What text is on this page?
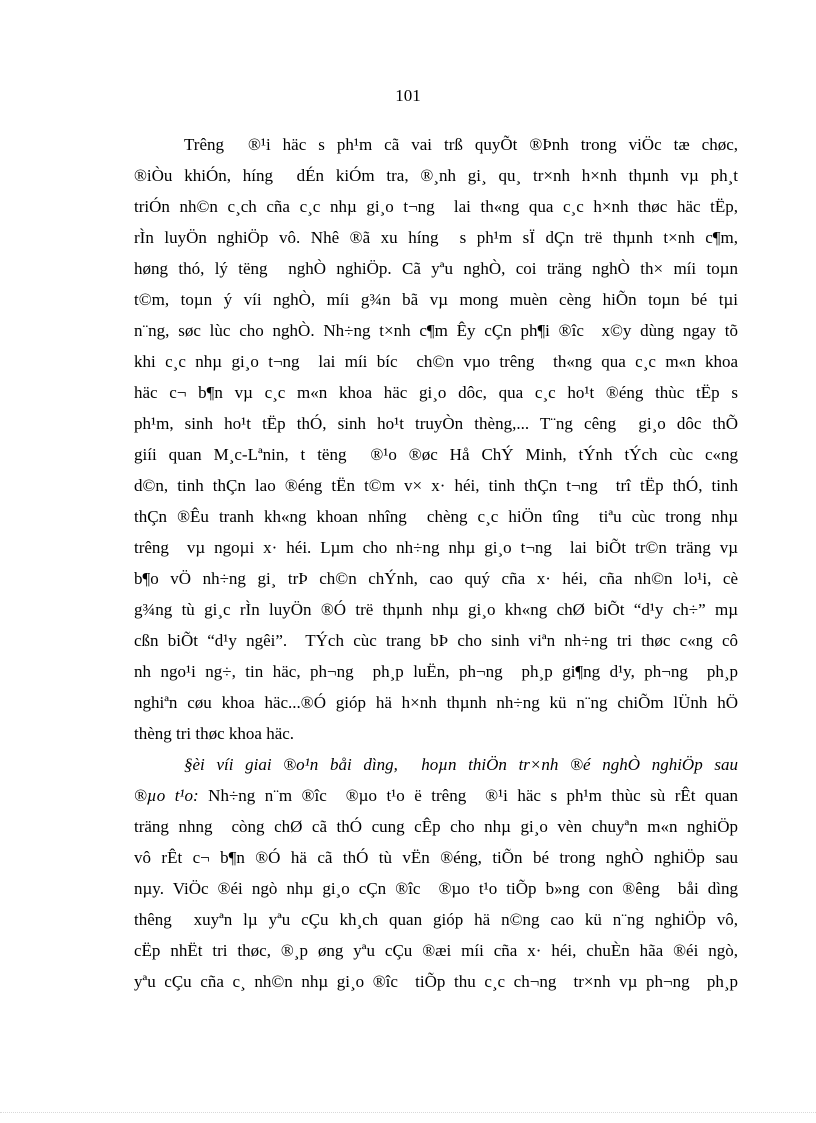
101
Trêng  ®¹i häc s ph¹m cã vai trß quyÕt ®Þnh trong viÖc tæ chøc,
®iÒu khiÓn, híng  dÉn kiÓm tra, ®¸nh gi¸ qu¸ tr×nh h×nh thµnh vµ ph¸t
triÓn nh©n c¸ch cña c¸c nhµ gi¸o t¬ng  lai th«ng qua c¸c h×nh thøc häc tËp,
rÌn luyÖn nghiÖp vô. Nhê ®ã xu híng  s ph¹m sÏ dÇn trë thµnh t×nh c¶m,
høng thó, lý tëng  nghÒ nghiÖp. Cã yªu nghÒ, coi träng nghÒ th× míi toµn
t©m, toµn ý víi nghÒ, míi g¾n bã vµ mong muèn cèng hiÕn toµn bé tµi
n¨ng, søc lùc cho nghÒ. Nh÷ng t×nh c¶m Êy cÇn ph¶i ®îc  x©y dùng ngay tõ
khi c¸c nhµ gi¸o t¬ng  lai míi bíc  ch©n vµo trêng  th«ng qua c¸c m«n khoa
häc c¬ b¶n vµ c¸c m«n khoa häc gi¸o dôc, qua c¸c ho¹t ®éng thùc tËp s
ph¹m, sinh ho¹t tËp thÓ, sinh ho¹t truyÒn thèng,... T¨ng cêng  gi¸o dôc thÕ
giíi quan M¸c-Lªnin, t tëng  ®¹o ®øc Hå ChÝ Minh, tÝnh tÝch cùc c«ng
d©n, tinh thÇn lao ®éng tËn t©m v× x· héi, tinh thÇn t¬ng  trî tËp thÓ, tinh
thÇn ®Êu tranh kh«ng khoan nhîng  chèng c¸c hiÖn tîng  tiªu cùc trong nhµ
trêng  vµ ngoµi x· héi. Lµm cho nh÷ng nhµ gi¸o t¬ng  lai biÕt tr©n träng vµ
b¶o vÖ nh÷ng gi¸ trÞ ch©n chÝnh, cao quý cña x· héi, cña nh©n lo¹i, cè
g¾ng tù gi¸c rÌn luyÖn ®Ó trë thµnh nhµ gi¸o kh«ng chØ biÕt “d¹y ch÷” mµ
cßn biÕt “d¹y ngêi”.  TÝch cùc trang bÞ cho sinh viªn nh÷ng tri thøc c«ng cô
nh ngo¹i ng÷, tin häc, ph¬ng  ph¸p luËn, ph¬ng  ph¸p gi¶ng d¹y, ph¬ng  ph¸p
nghiªn cøu khoa häc...®Ó gióp hä h×nh thµnh nh÷ng kü n¨ng chiÕm lÜnh hÖ
thèng tri thøc khoa häc.
§èi víi giai ®o¹n båi dìng,  hoµn thiÖn tr×nh ®é nghÒ nghiÖp sau
®µo t¹o: Nh÷ng n¨m ®îc  ®µo t¹o ë trêng  ®¹i häc s ph¹m thùc sù rÊt quan
träng nhng  còng chØ cã thÓ cung cÊp cho nhµ gi¸o vèn chuyªn m«n nghiÖp
vô rÊt c¬ b¶n ®Ó hä cã thÓ tù vËn ®éng, tiÕn bé trong nghÒ nghiÖp sau
nµy. ViÖc ®éi ngò nhµ gi¸o cÇn ®îc  ®µo t¹o tiÕp b»ng con ®êng  båi dìng
thêng  xuyªn lµ yªu cÇu kh¸ch quan gióp hä n©ng cao kü n¨ng nghiÖp vô,
cËp nhËt tri thøc, ®¸p øng yªu cÇu ®æi míi cña x· héi, chuÈn hãa ®éi ngò,
yªu cÇu cña c¸ nh©n nhµ gi¸o ®îc  tiÕp thu c¸c ch¬ng  tr×nh vµ ph¬ng  ph¸p
